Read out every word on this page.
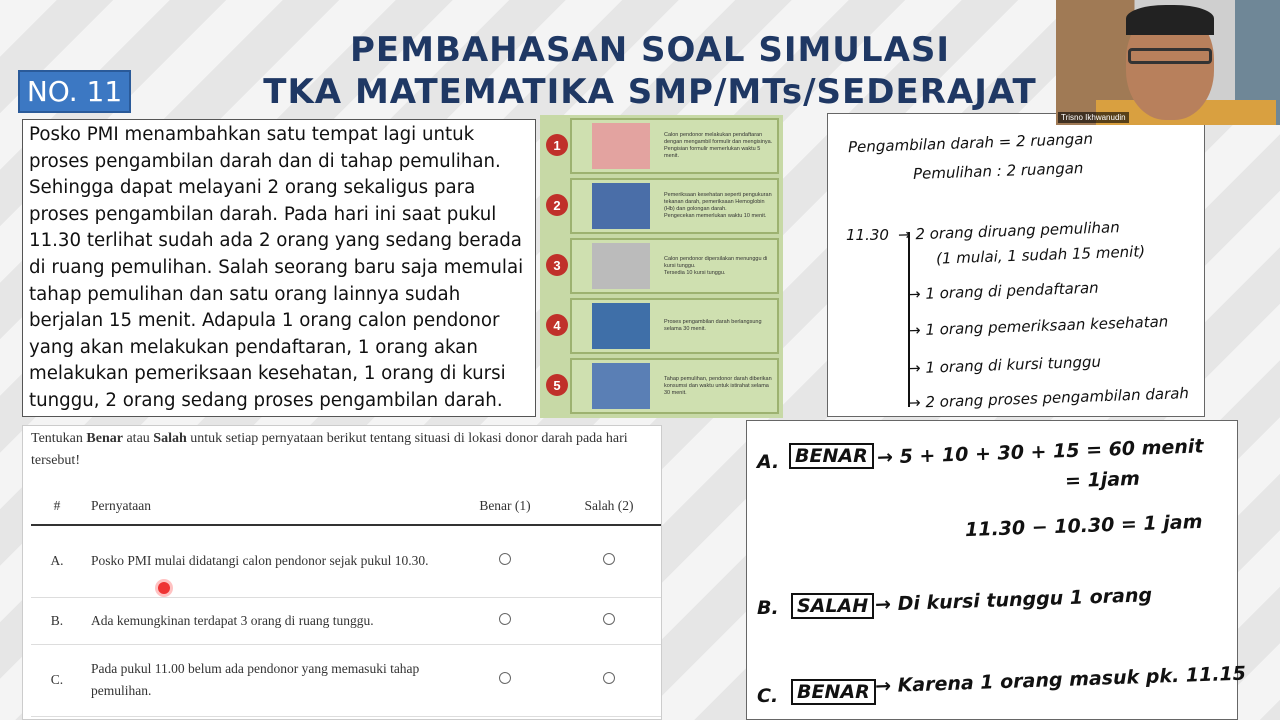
PEMBAHASAN SOAL SIMULASI
TKA MATEMATIKA SMP/MTs/SEDERAJAT
NO. 11
Posko PMI menambahkan satu tempat lagi untuk proses pengambilan darah dan di tahap pemulihan. Sehingga dapat melayani 2 orang sekaligus para proses pengambilan darah. Pada hari ini saat pukul 11.30 terlihat sudah ada 2 orang yang sedang berada di ruang pemulihan. Salah seorang baru saja memulai tahap pemulihan dan satu orang lainnya sudah berjalan 15 menit. Adapula 1 orang calon pendonor yang akan melakukan pendaftaran, 1 orang akan melakukan pemeriksaan kesehatan, 1 orang di kursi tunggu, 2 orang sedang proses pengambilan darah.
1
Calon pendonor melakukan pendaftaran dengan mengambil formulir dan mengisinya.
Pengisian formulir memerlukan waktu 5 menit.
2
Pemeriksaan kesehatan seperti pengukuran tekanan darah, pemeriksaan Hemoglobin (Hb) dan golongan darah.
Pengecekan memerlukan waktu 10 menit.
3	Calon pendonor dipersilakan menunggu di kursi tunggu.
Tersedia 10 kursi tunggu.
4	Proses pengambilan darah berlangsung selama 30 menit.
5	Tahap pemulihan, pendonor darah diberikan konsumsi dan waktu untuk istirahat selama 30 menit.
Pengambilan darah = 2 ruangan
Pemulihan : 2 ruangan
11.30 → 2 orang diruang pemulihan
(1 mulai, 1 sudah 15 menit)
→ 1 orang di pendaftaran
→ 1 orang pemeriksaan kesehatan
→ 1 orang di kursi tunggu
→ 2 orang proses pengambilan darah
Tentukan Benar atau Salah untuk setiap pernyataan berikut tentang situasi di lokasi donor darah pada hari tersebut!
#	Pernyataan	Benar (1)	Salah (2)
A.	Posko PMI mulai didatangi calon pendonor sejak pukul 10.30.		
B.	Ada kemungkinan terdapat 3 orang di ruang tunggu.		
C.	Pada pukul 11.00 belum ada pendonor yang memasuki tahap pemulihan.		
A. BENAR → 5 + 10 + 30 + 15 = 60 menit
= 1jam
11.30 − 10.30 = 1 jam
B. SALAH → Di kursi tunggu 1 orang
C. BENAR → Karena 1 orang masuk pk. 11.15
Trisno Ikhwanudin
